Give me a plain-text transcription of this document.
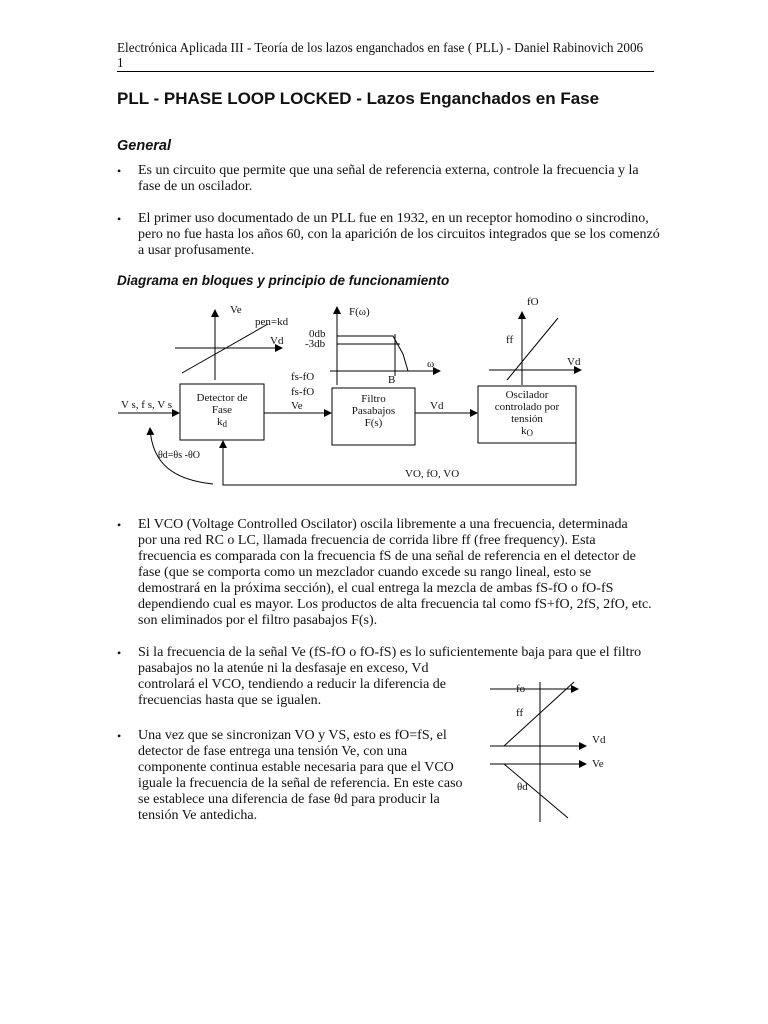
Electrónica Aplicada III - Teoría de los lazos enganchados en fase ( PLL) - Daniel Rabinovich 2006
1
PLL - PHASE LOOP LOCKED - Lazos Enganchados en Fase
General
• Es un circuito que permite que una señal de referencia externa, controle la frecuencia y la fase de un oscilador.
• El primer uso documentado de un PLL fue en 1932, en un receptor homodino o sincrodino, pero no fue hasta los años 60, con la aparición de los circuitos integrados que se los comenzó a usar profusamente.
Diagrama en bloques y principio de funcionamiento
Ve
pen=kd
Vd
F(ω)
0db
-3db
ω
B
fO
ff
Vd
Detector de
Fase
$k_d$
Filtro
Pasabajos
F(s)
Oscilador
controlado por
tensión
$k_O$
V s, f s, V s
fs-fO
fs-fO
Ve	Vd
θd=θs -θO
VO, fO, VO
fo
ff
Vd
Ve
θd
• El VCO (Voltage Controlled Oscilator) oscila libremente a una frecuencia, determinada
por una red RC o LC, llamada frecuencia de corrida libre ff (free frequency). Esta
frecuencia es comparada con la frecuencia fS de una señal de referencia en el detector de
fase (que se comporta como un mezclador cuando excede su rango lineal, esto se
demostrará en la próxima sección), el cual entrega la mezcla de ambas fS-fO o fO-fS
dependiendo cual es mayor. Los productos de alta frecuencia tal como fS+fO, 2fS, 2fO, etc.
son eliminados por el filtro pasabajos F(s).
• Si la frecuencia de la señal Ve (fS-fO o fO-fS) es lo suficientemente baja para que el filtro
pasabajos no la atenúe ni la desfasaje en exceso, Vd
controlará el VCO, tendiendo a reducir la diferencia de
frecuencias hasta que se igualen.
• Una vez que se sincronizan VO y VS, esto es fO=fS, el
detector de fase entrega una tensión Ve, con una
componente continua estable necesaria para que el VCO
iguale la frecuencia de la señal de referencia. En este caso
se establece una diferencia de fase θd para producir la
tensión Ve antedicha.
